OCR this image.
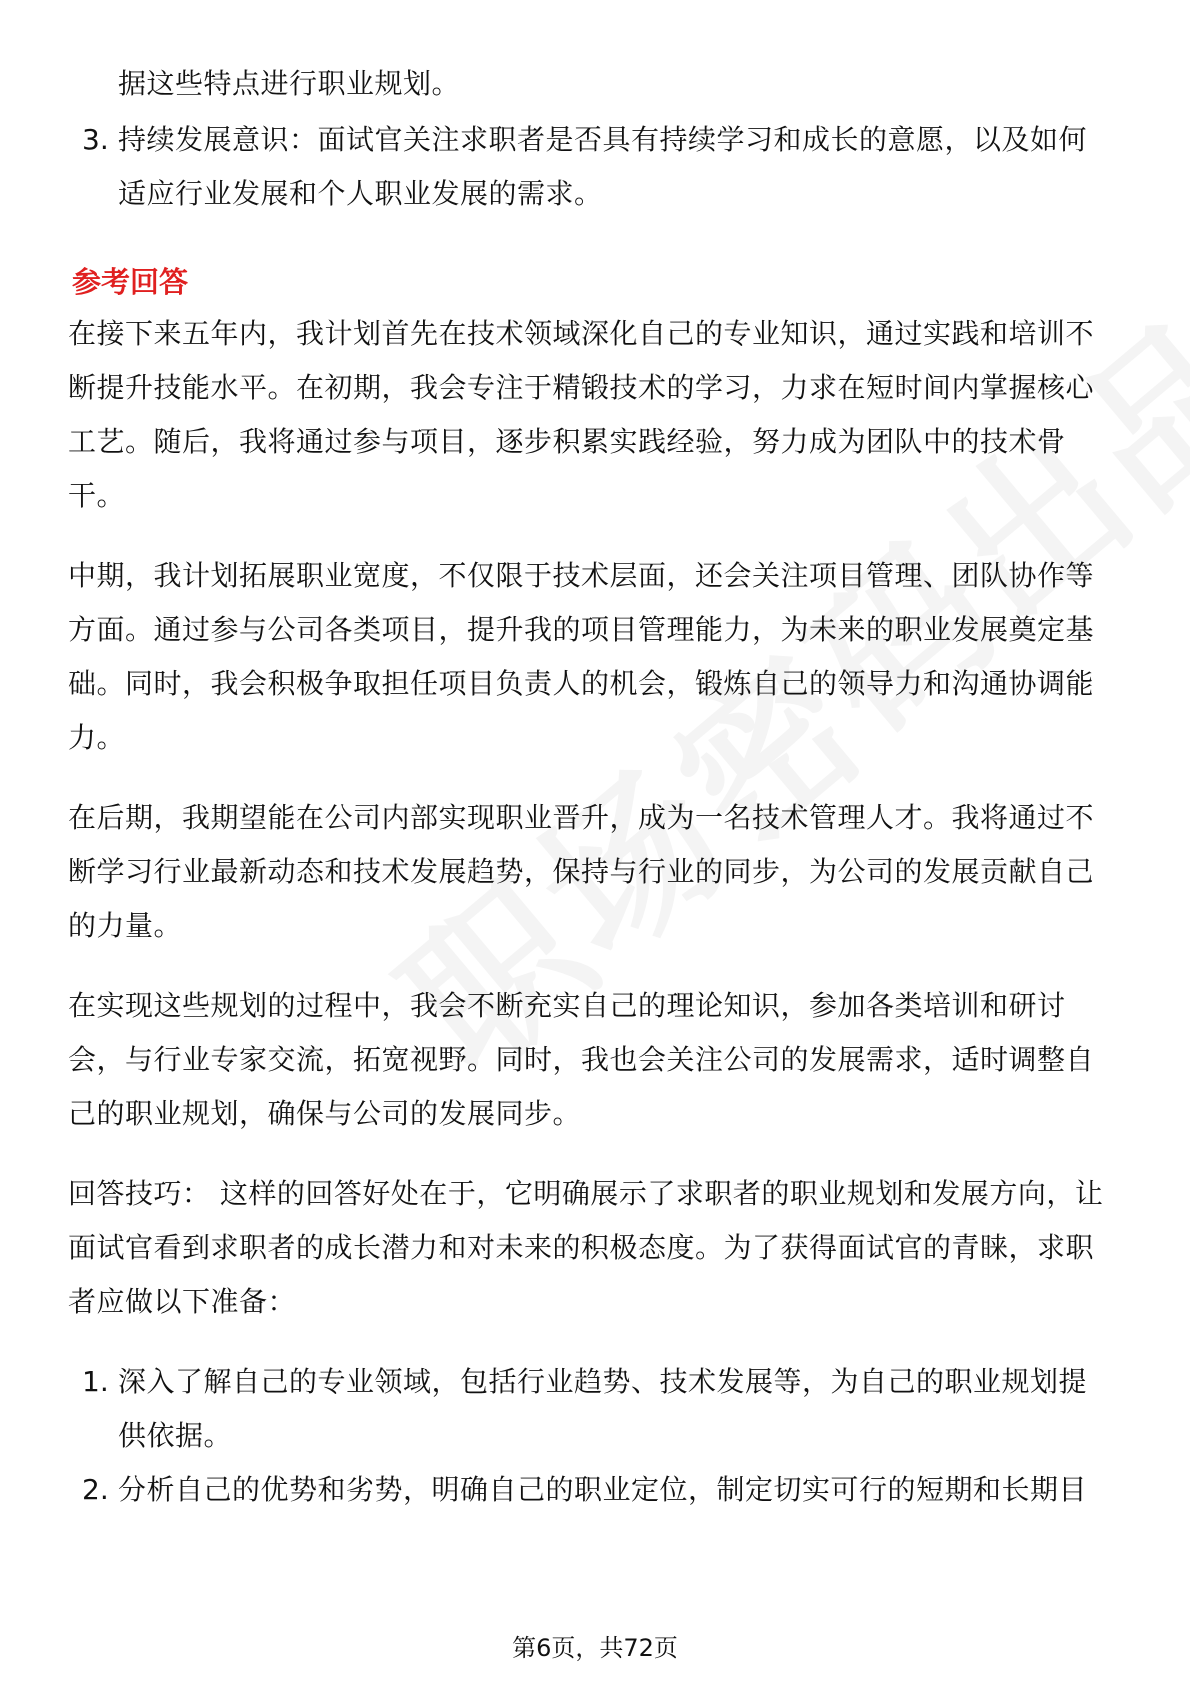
据这些特点进行职业规划。
3. 持续发展意识：面试官关注求职者是否具有持续学习和成长的意愿，以及如何
适应行业发展和个人职业发展的需求。
参考回答
在接下来五年内，我计划首先在技术领域深化自己的专业知识，通过实践和培训不
断提升技能水平。在初期，我会专注于精锻技术的学习，力求在短时间内掌握核心
工艺。随后，我将通过参与项目，逐步积累实践经验，努力成为团队中的技术骨
干。
中期，我计划拓展职业宽度，不仅限于技术层面，还会关注项目管理、团队协作等
方面。通过参与公司各类项目，提升我的项目管理能力，为未来的职业发展奠定基
础。同时，我会积极争取担任项目负责人的机会，锻炼自己的领导力和沟通协调能
力。
在后期，我期望能在公司内部实现职业晋升，成为一名技术管理人才。我将通过不
断学习行业最新动态和技术发展趋势，保持与行业的同步，为公司的发展贡献自己
的力量。
在实现这些规划的过程中，我会不断充实自己的理论知识，参加各类培训和研讨
会，与行业专家交流，拓宽视野。同时，我也会关注公司的发展需求，适时调整自
己的职业规划，确保与公司的发展同步。
回答技巧： 这样的回答好处在于，它明确展示了求职者的职业规划和发展方向，让
面试官看到求职者的成长潜力和对未来的积极态度。为了获得面试官的青睐，求职
者应做以下准备：
1. 深入了解自己的专业领域，包括行业趋势、技术发展等，为自己的职业规划提
供依据。
2. 分析自己的优势和劣势，明确自己的职业定位，制定切实可行的短期和长期目
第6页，共72页
